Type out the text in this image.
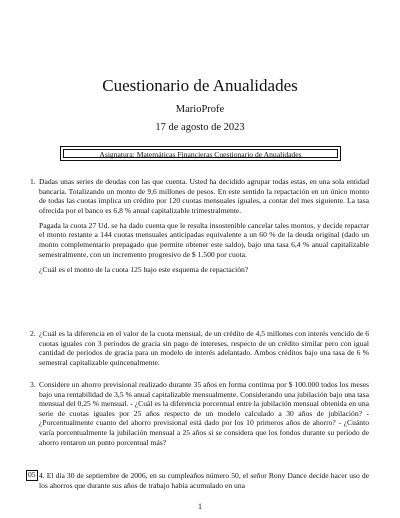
Cuestionario de Anualidades
MarioProfe
17 de agosto de 2023
Asignatura: Matemáticas Financieras Cuestionario de Anualidades
1. Dadas unas series de deudas con las que cuenta. Usted ha decidido agrupar todas estas, en una sola entidad bancaria. Totalizando un monto de 9,6 millones de pesos. En este sentido la repactación en un único monto de todas las cuotas implica un crédito por 120 cuotas mensuales iguales, a contar del mes siguiente. La tasa ofrecida por el banco es 6,8 % anual capitalizable trimestralmente.

Pagada la cuota 27 Ud. se ha dado cuenta que le resulta insostenible cancelar tales montos, y decide repactar el monto restante a 144 cuotas mensuales anticipadas equivalente a un 60 % de la deuda original (dado un monto complementario prepagado que permite obtener este saldo), bajo una tasa 6,4 % anual capitalizable semestralmente, con un incremento progresivo de $ 1.500 por cuota.

¿Cuál es el monto de la cuota 125 bajo este esquema de repactación?

2. ¿Cuál es la diferencia en el valor de la cuota mensual, de un crédito de 4,5 millones con interés vencido de 6 cuotas iguales con 3 períodos de gracia sin pago de intereses, respecto de un crédito similar pero con igual cantidad de períodos de gracia para un modelo de interés adelantado. Ambos créditos bajo una tasa de 6 % semestral capitalizable quincenalmente.

3. Considere un ahorro previsional realizado durante 35 años en forma continua por $ 100.000 todos los meses bajo una rentabilidad de 3,5 % anual capitalizable mensualmente. Considerando una jubilación bajo una tasa mensual del 0,25 % mensual. - ¿Cuál es la diferencia porcentual entre la jubilación mensual obtenida en una serie de cuotas iguales por 25 años respecto de un modelo calculado a 30 años de jubilación? - ¿Porcentualmente cuanto del ahorro previsional está dado por los 10 primeros años de ahorro? - ¿Cuánto varía porcentualmente la jubilación mensual a 25 años si se considera que los fondos durante su período de ahorro rentaron un punto porcentual más?

05 4. El día 30 de septiembre de 2006, en su cumpleaños número 50, el señor Rony Dance decide hacer uso de los ahorros que durante sus años de trabajo había acumulado en una

1
